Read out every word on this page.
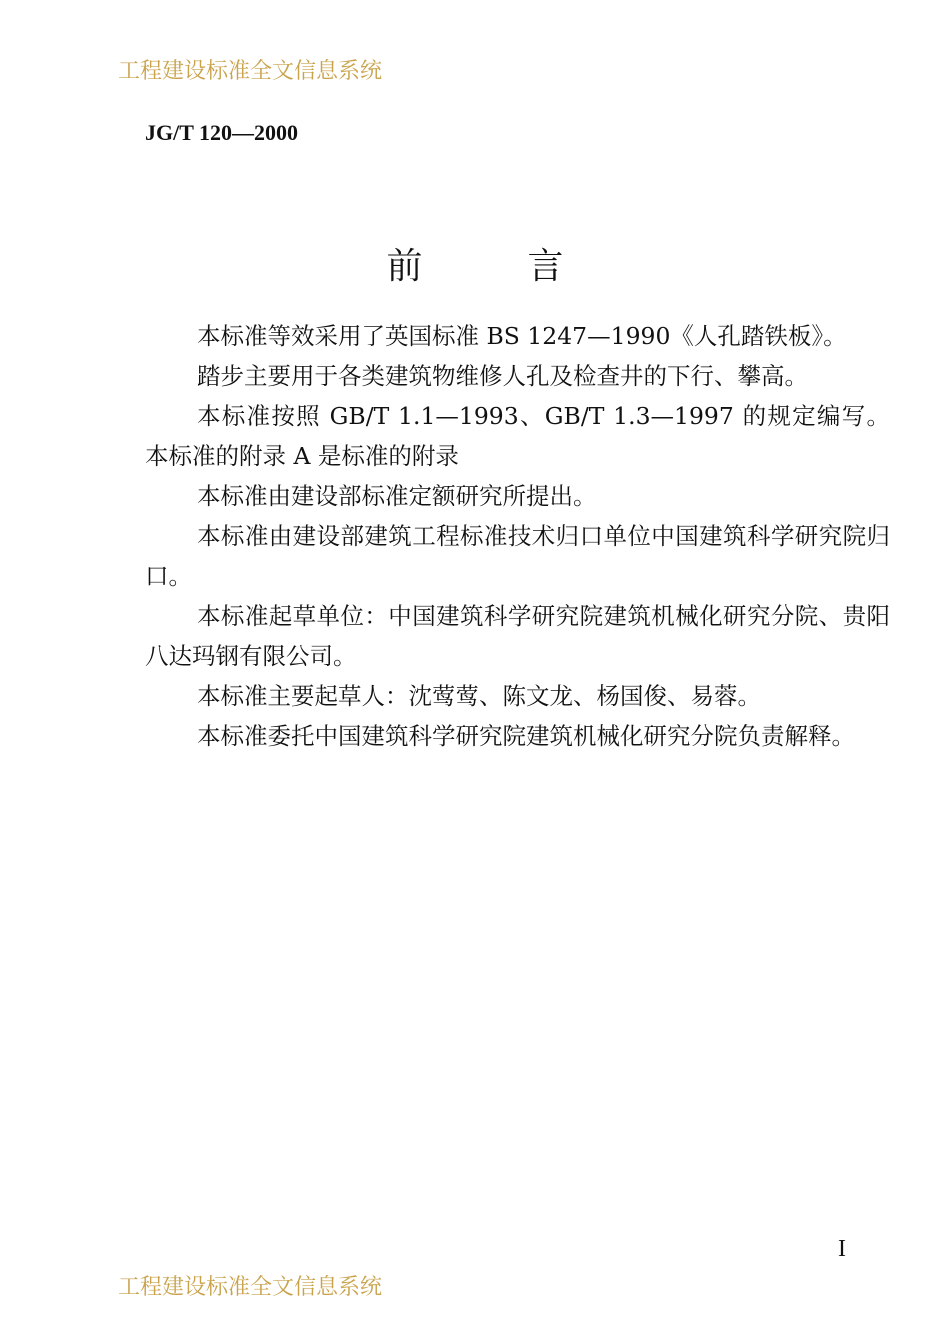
工程建设标准全文信息系统
JG/T 120—2000
前	言

本标准等效采用了英国标准 BS 1247—1990《人孔踏铁板》。

踏步主要用于各类建筑物维修人孔及检查井的下行、攀高。

本标准按照 GB/T 1.1—1993、GB/T 1.3—1997 的规定编写。本标准的附录 A 是标准的附录

本标准由建设部标准定额研究所提出。

本标准由建设部建筑工程标准技术归口单位中国建筑科学研究院归口。

本标准起草单位：中国建筑科学研究院建筑机械化研究分院、贵阳八达玛钢有限公司。

本标准主要起草人：沈莺莺、陈文龙、杨国俊、易蓉。

本标准委托中国建筑科学研究院建筑机械化研究分院负责解释。

I
工程建设标准全文信息系统
